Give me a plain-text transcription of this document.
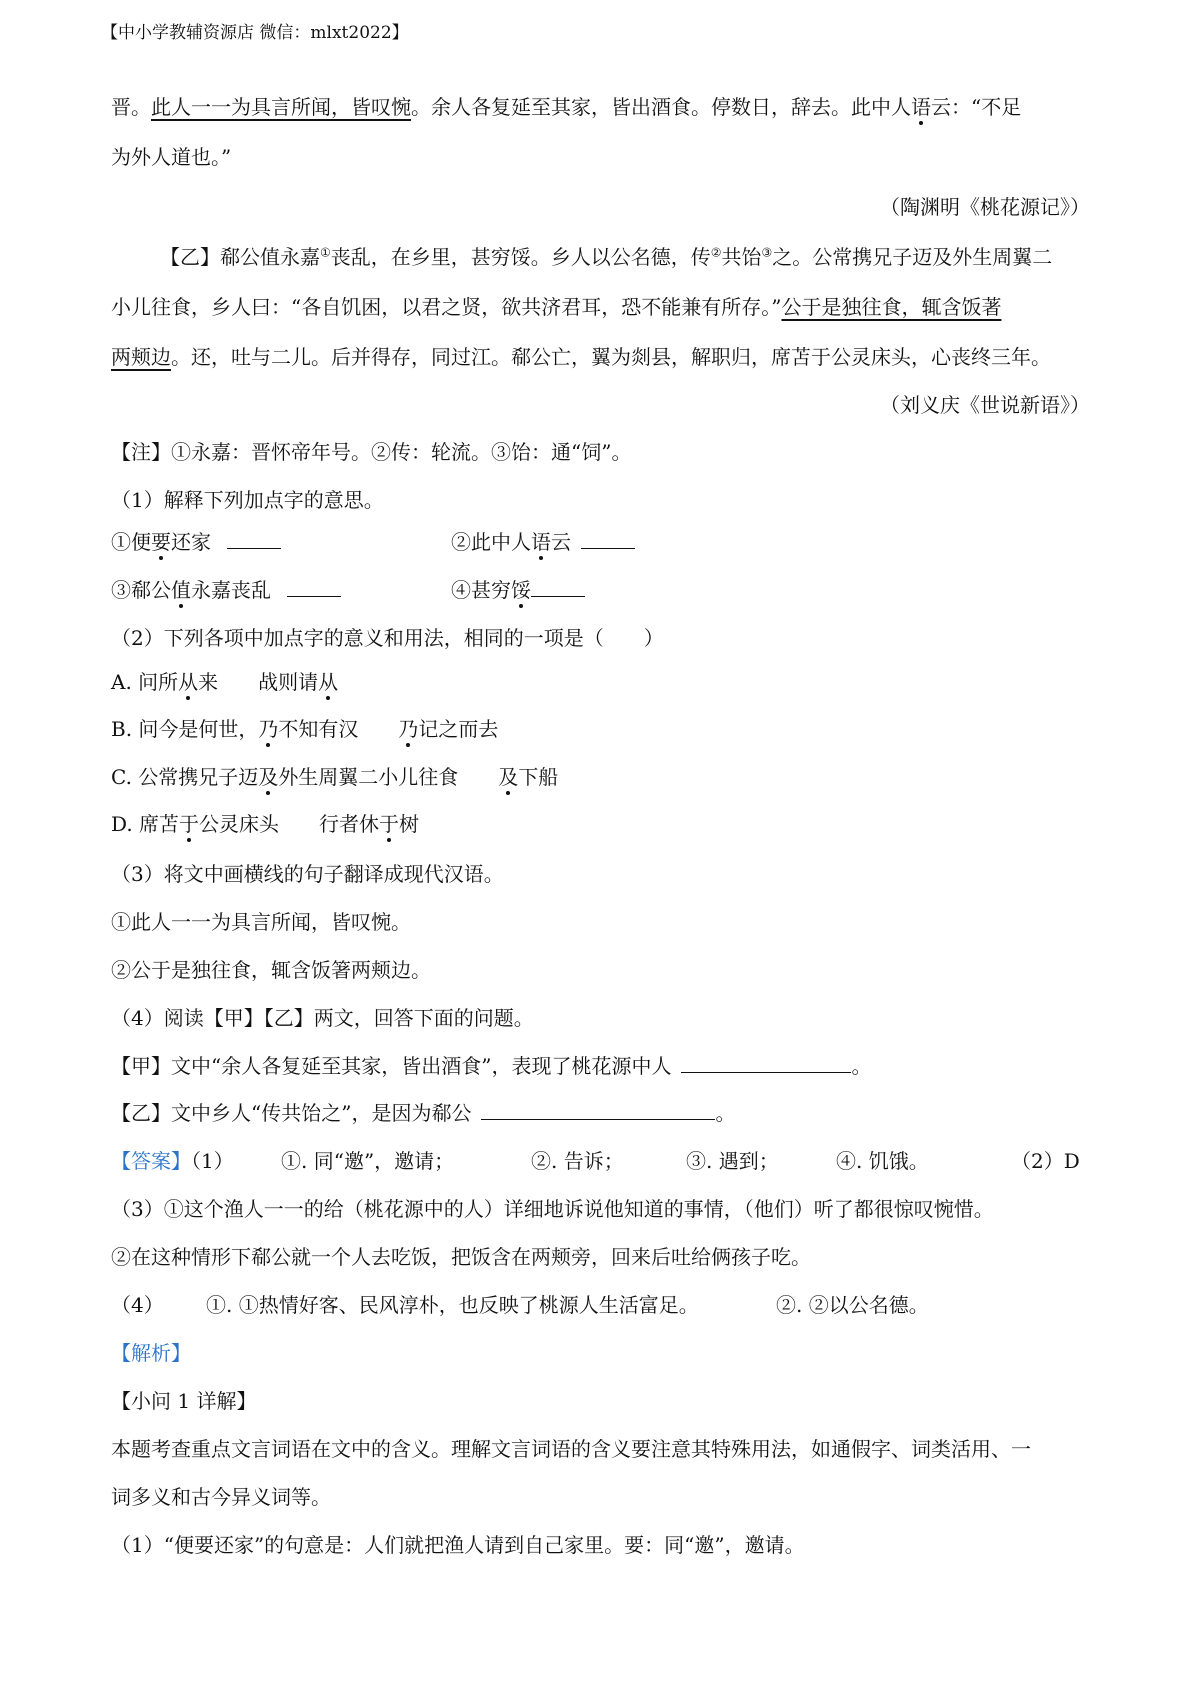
【中小学教辅资源店 微信：mlxt2022】
晋。此人一一为具言所闻，皆叹惋。余人各复延至其家，皆出酒食。停数日，辞去。此中人语云：“不足
为外人道也。”
（陶渊明《桃花源记》）
【乙】郗公值永嘉①丧乱，在乡里，甚穷馁。乡人以公名德，传②共饴③之。公常携兄子迈及外生周翼二
小儿往食，乡人曰：“各自饥困，以君之贤，欲共济君耳，恐不能兼有所存。”公于是独往食，辄含饭著
两颊边。还，吐与二儿。后并得存，同过江。郗公亡，翼为剡县，解职归，席苫于公灵床头，心丧终三年。
（刘义庆《世说新语》）
【注】①永嘉：晋怀帝年号。②传：轮流。③饴：通“饲”。
（1）解释下列加点字的意思。
①便要还家	②此中人语云
③郗公值永嘉丧乱	④甚穷馁
（2）下列各项中加点字的意义和用法，相同的一项是（　　）
A. 问所从来　　战则请从
B. 问今是何世，乃不知有汉　　乃记之而去
C. 公常携兄子迈及外生周翼二小儿往食　　及下船
D. 席苫于公灵床头　　行者休于树
（3）将文中画横线的句子翻译成现代汉语。
①此人一一为具言所闻，皆叹惋。
②公于是独往食，辄含饭箸两颊边。
（4）阅读【甲】【乙】两文，回答下面的问题。
【甲】文中“余人各复延至其家，皆出酒食”，表现了桃花源中人	。
【乙】文中乡人“传共饴之”，是因为郗公	。
【答案】（1） ①. 同“邀”，邀请；	②. 告诉；	③. 遇到；	④. 饥饿。	（2）D
（3）①这个渔人一一的给（桃花源中的人）详细地诉说他知道的事情，（他们）听了都很惊叹惋惜。
②在这种情形下郗公就一个人去吃饭，把饭含在两颊旁，回来后吐给俩孩子吃。
（4） ①. ①热情好客、民风淳朴，也反映了桃源人生活富足。	②. ②以公名德。
【解析】
【小问 1 详解】
本题考查重点文言词语在文中的含义。理解文言词语的含义要注意其特殊用法，如通假字、词类活用、一
词多义和古今异义词等。
（1）“便要还家”的句意是：人们就把渔人请到自己家里。要：同“邀”，邀请。
